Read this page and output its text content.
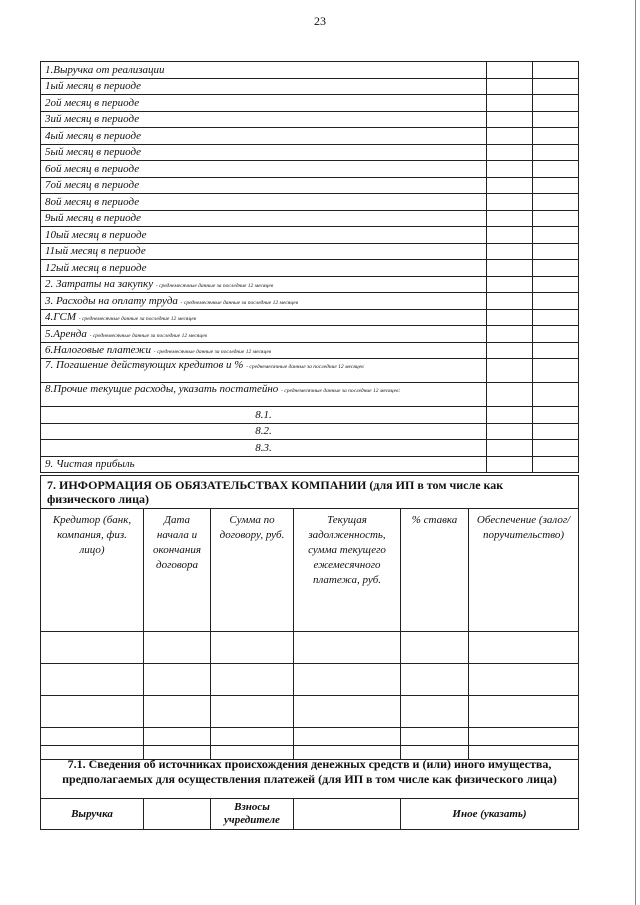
23
1.Выручка от реализации		
1ый месяц в периоде		
2ой месяц в периоде		
3ий месяц в периоде		
4ый месяц в периоде		
5ый месяц в периоде		
6ой месяц в периоде		
7ой месяц в периоде		
8ой месяц в периоде		
9ый месяц в периоде		
10ый месяц в периоде		
11ый месяц в периоде		
12ый месяц в периоде		
2. Затраты на закупку - среднемесячные данные за последние 12 месяцев		
3. Расходы на оплату труда - среднемесячные данные за последние 12 месяцев		
4.ГСМ - среднемесячные данные за последние 12 месяцев		
5.Аренда - среднемесячные данные за последние 12 месяцев		
6.Налоговые платежи - среднемесячные данные за последние 12 месяцев		
7. Погашение действующих кредитов и % - среднемесячные данные за последние 12 месяцев		
8.Прочие текущие расходы, указать постатейно - среднемесячные данные за последние 12 месяцев:		
8.1.		
8.2.		
8.3.		
9. Чистая прибыль		
7. ИНФОРМАЦИЯ ОБ ОБЯЗАТЕЛЬСТВАХ КОМПАНИИ (для ИП в том числе как физического лица)					
Кредитор (банк, компания, физ. лицо)	Дата начала и окончания договора	Сумма по договору, руб.	Текущая задолженность, сумма текущего ежемесячного платежа, руб.	% ставка	Обеспечение (залог/поручительство)

7.1. Сведения об источниках происхождения денежных средств и (или) иного имущества, предполагаемых для осуществления платежей (для ИП в том числе как физического лица)
Выручка		Взносы учредителе		Иное (указать)
